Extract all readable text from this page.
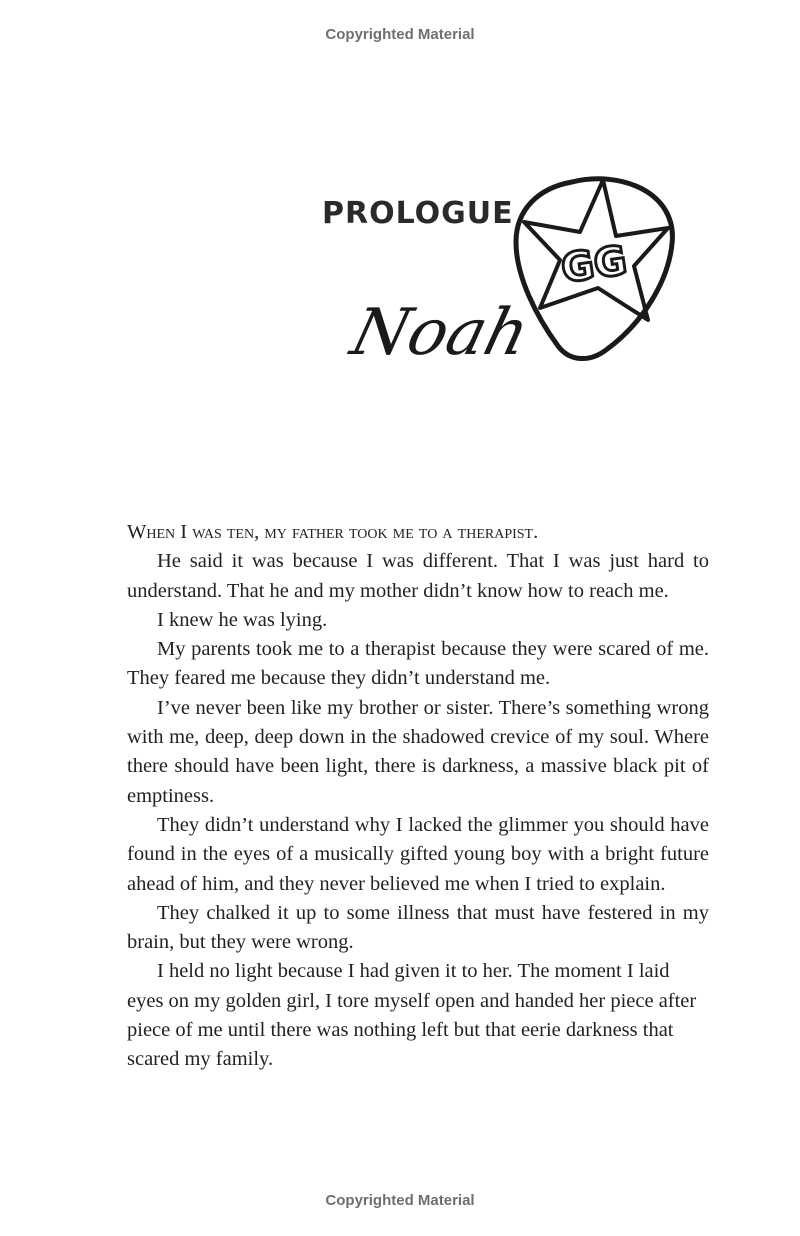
Copyrighted Material
PROLOGUE
GG
Noah

When I was ten, my father took me to a therapist.

He said it was because I was different. That I was just hard to understand. That he and my mother didn’t know how to reach me.

I knew he was lying.

My parents took me to a therapist because they were scared of me. They feared me because they didn’t understand me.

I’ve never been like my brother or sister. There’s something wrong with me, deep, deep down in the shadowed crevice of my soul. Where there should have been light, there is darkness, a massive black pit of emptiness.

They didn’t understand why I lacked the glimmer you should have found in the eyes of a musically gifted young boy with a bright future ahead of him, and they never believed me when I tried to explain.

They chalked it up to some illness that must have festered in my brain, but they were wrong.

I held no light because I had given it to her. The moment I laid eyes on my golden girl, I tore myself open and handed her piece after piece of me until there was nothing left but that eerie darkness that scared my family.

Copyrighted Material
